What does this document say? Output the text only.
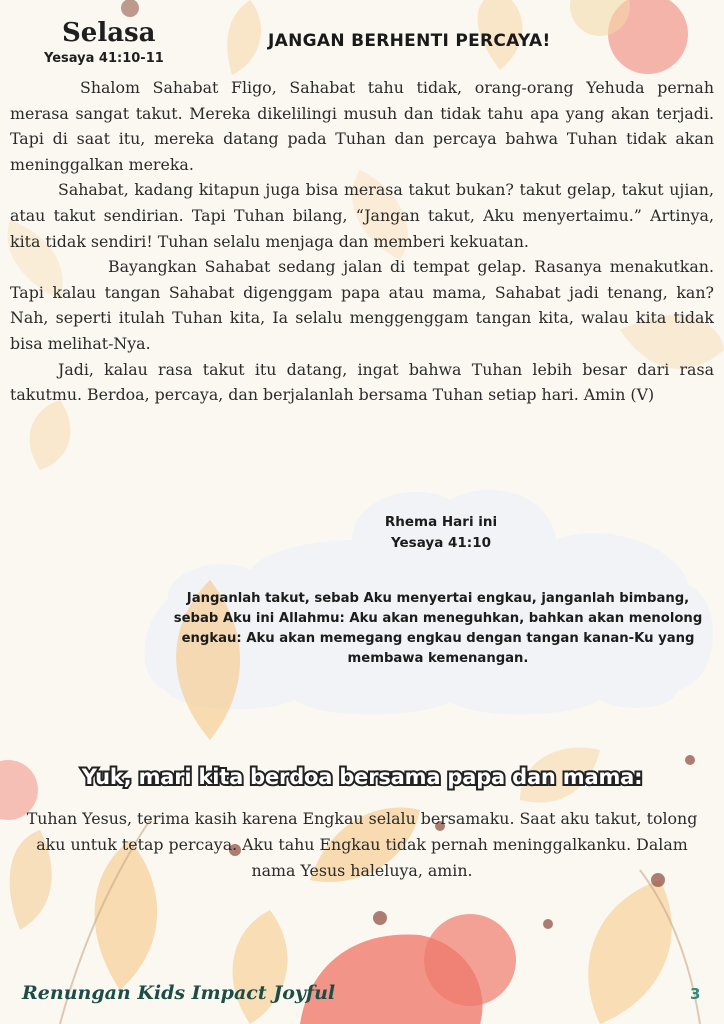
Selasa
Yesaya 41:10-11
JANGAN BERHENTI PERCAYA!

Shalom Sahabat Fligo, Sahabat tahu tidak, orang-orang Yehuda pernah merasa sangat takut. Mereka dikelilingi musuh dan tidak tahu apa yang akan terjadi. Tapi di saat itu, mereka datang pada Tuhan dan percaya bahwa Tuhan tidak akan meninggalkan mereka.

Sahabat, kadang kitapun juga bisa merasa takut bukan? takut gelap, takut ujian, atau takut sendirian. Tapi Tuhan bilang, “Jangan takut, Aku menyertaimu.” Artinya, kita tidak sendiri! Tuhan selalu menjaga dan memberi kekuatan.

Bayangkan Sahabat sedang jalan di tempat gelap. Rasanya menakutkan. Tapi kalau tangan Sahabat digenggam papa atau mama, Sahabat jadi tenang, kan? Nah, seperti itulah Tuhan kita, Ia selalu menggenggam tangan kita, walau kita tidak bisa melihat-Nya.

Jadi, kalau rasa takut itu datang, ingat bahwa Tuhan lebih besar dari rasa takutmu. Berdoa, percaya, dan berjalanlah bersama Tuhan setiap hari. Amin (V)

Rhema Hari ini
Yesaya 41:10
Janganlah takut, sebab Aku menyertai engkau, janganlah bimbang, sebab Aku ini Allahmu: Aku akan meneguhkan, bahkan akan menolong engkau: Aku akan memegang engkau dengan tangan kanan-Ku yang membawa kemenangan.
Yuk, mari kita berdoa bersama papa dan mama:
Tuhan Yesus, terima kasih karena Engkau selalu bersamaku. Saat aku takut, tolong aku untuk tetap percaya. Aku tahu Engkau tidak pernah meninggalkanku. Dalam nama Yesus haleluya, amin.
Renungan Kids Impact Joyful	3
